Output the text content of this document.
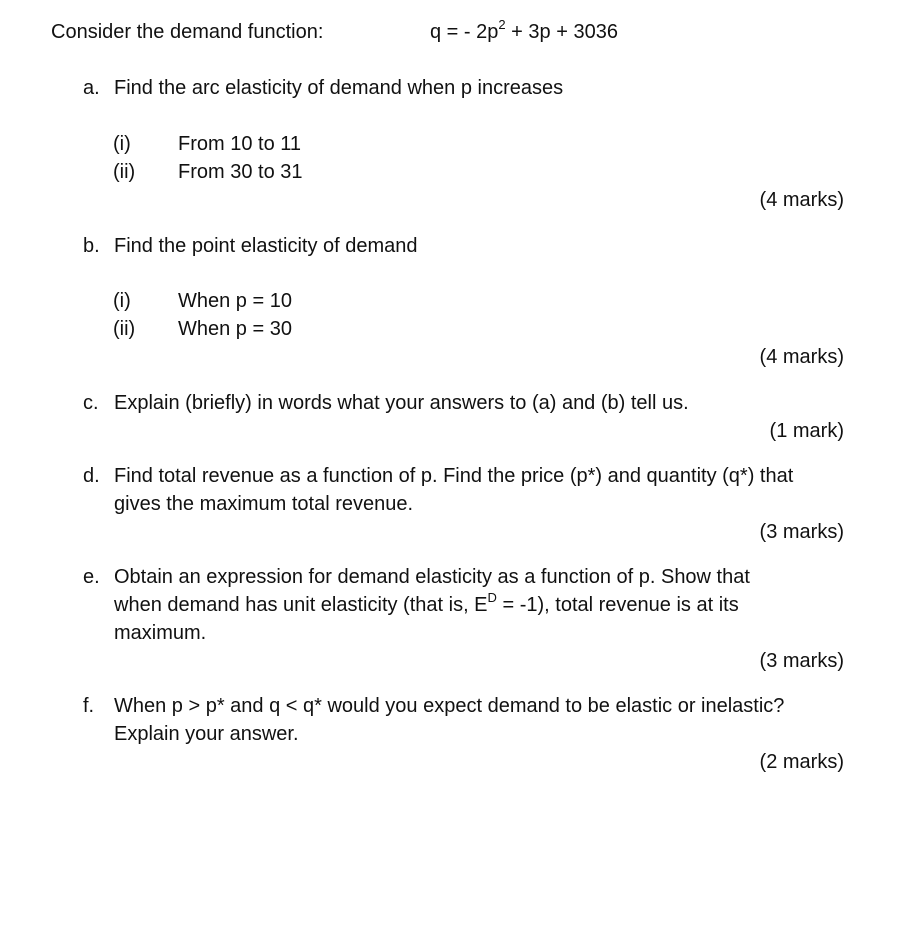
Consider the demand function:	q = - $2p^2 + 3p + 3036$
a. Find the arc elasticity of demand when p increases
(i) From 10 to 11
(ii) From 30 to 31
(4 marks)
b. Find the point elasticity of demand
(i) When p = 10
(ii) When p = 30
(4 marks)
c. Explain (briefly) in words what your answers to (a) and (b) tell us.
(1 mark)
d. Find total revenue as a function of p. Find the price (p*) and quantity (q*) that
gives the maximum total revenue.
(3 marks)
e. Obtain an expression for demand elasticity as a function of p. Show that
when demand has unit elasticity (that is, $E^D = -1$), total revenue is at its
maximum.
(3 marks)
f. When p > p* and q < q* would you expect demand to be elastic or inelastic?
Explain your answer.
(2 marks)
